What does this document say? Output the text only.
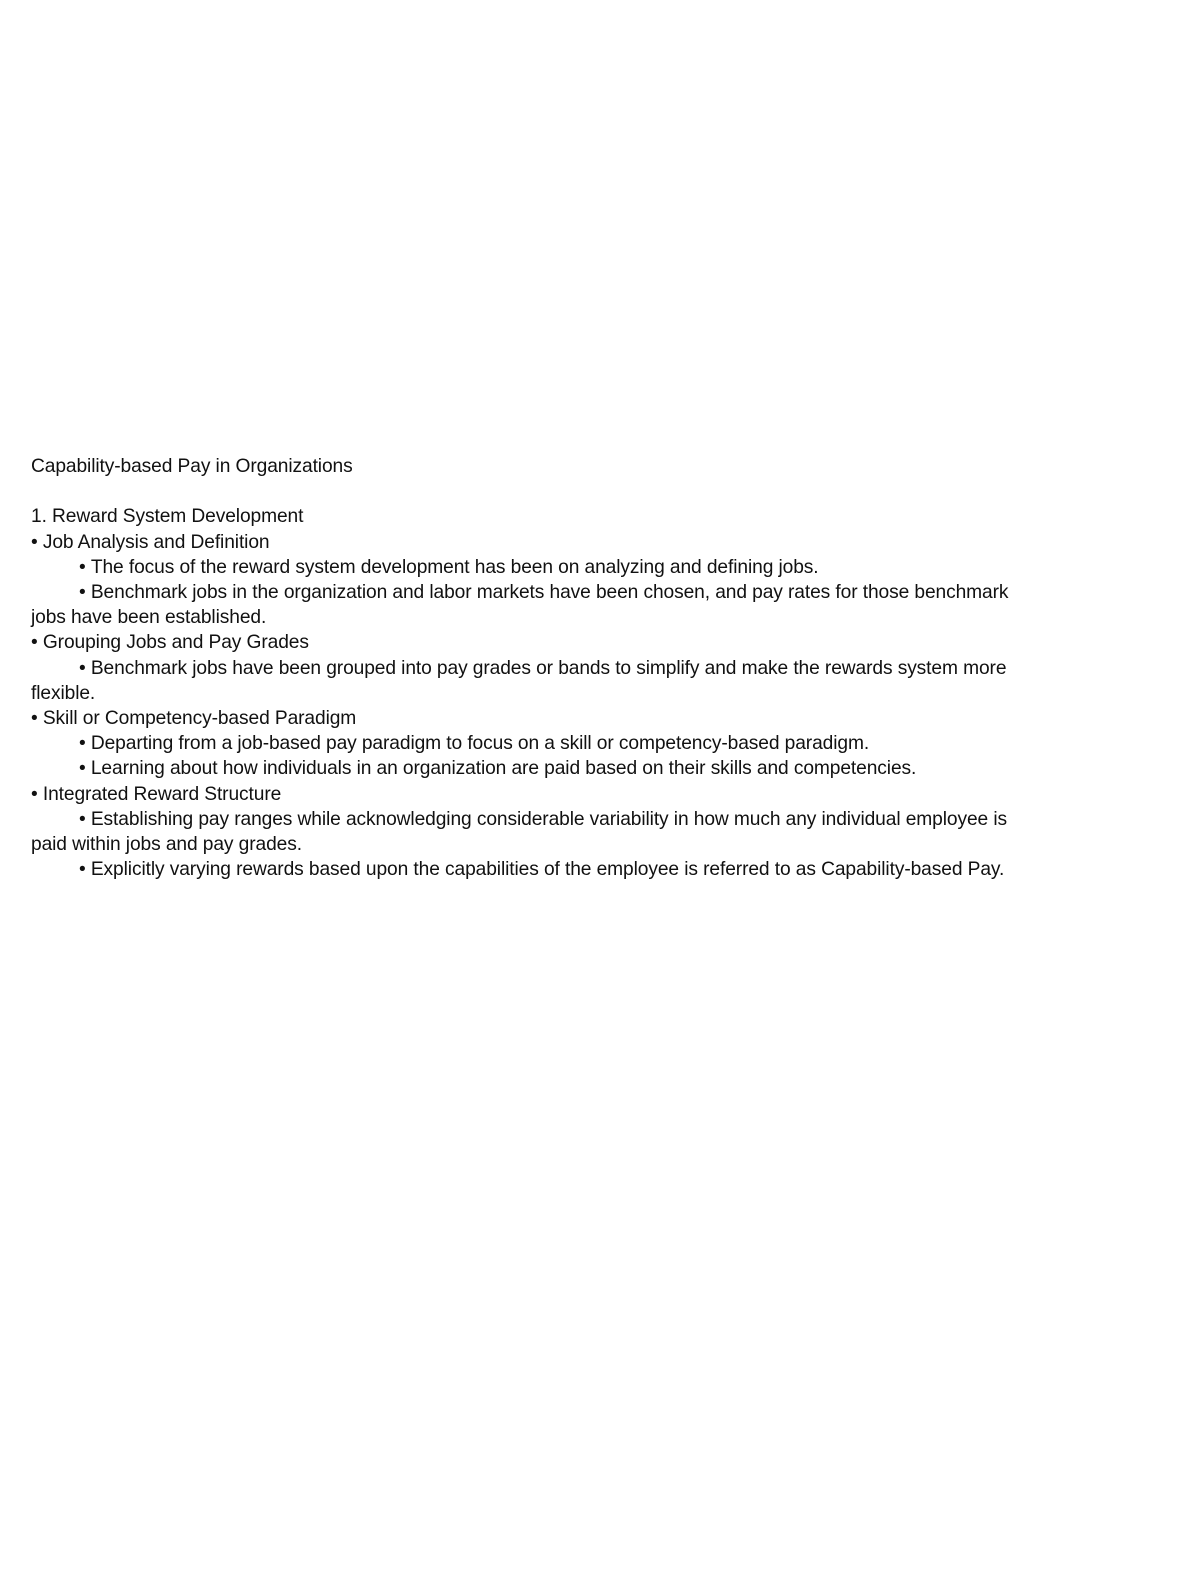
Capability-based Pay in Organizations
1. Reward System Development
• Job Analysis and Definition
• The focus of the reward system development has been on analyzing and defining jobs.
• Benchmark jobs in the organization and labor markets have been chosen, and pay rates for those benchmark
jobs have been established.
• Grouping Jobs and Pay Grades
• Benchmark jobs have been grouped into pay grades or bands to simplify and make the rewards system more
flexible.
• Skill or Competency-based Paradigm
• Departing from a job-based pay paradigm to focus on a skill or competency-based paradigm.
• Learning about how individuals in an organization are paid based on their skills and competencies.
• Integrated Reward Structure
• Establishing pay ranges while acknowledging considerable variability in how much any individual employee is
paid within jobs and pay grades.
• Explicitly varying rewards based upon the capabilities of the employee is referred to as Capability-based Pay.
